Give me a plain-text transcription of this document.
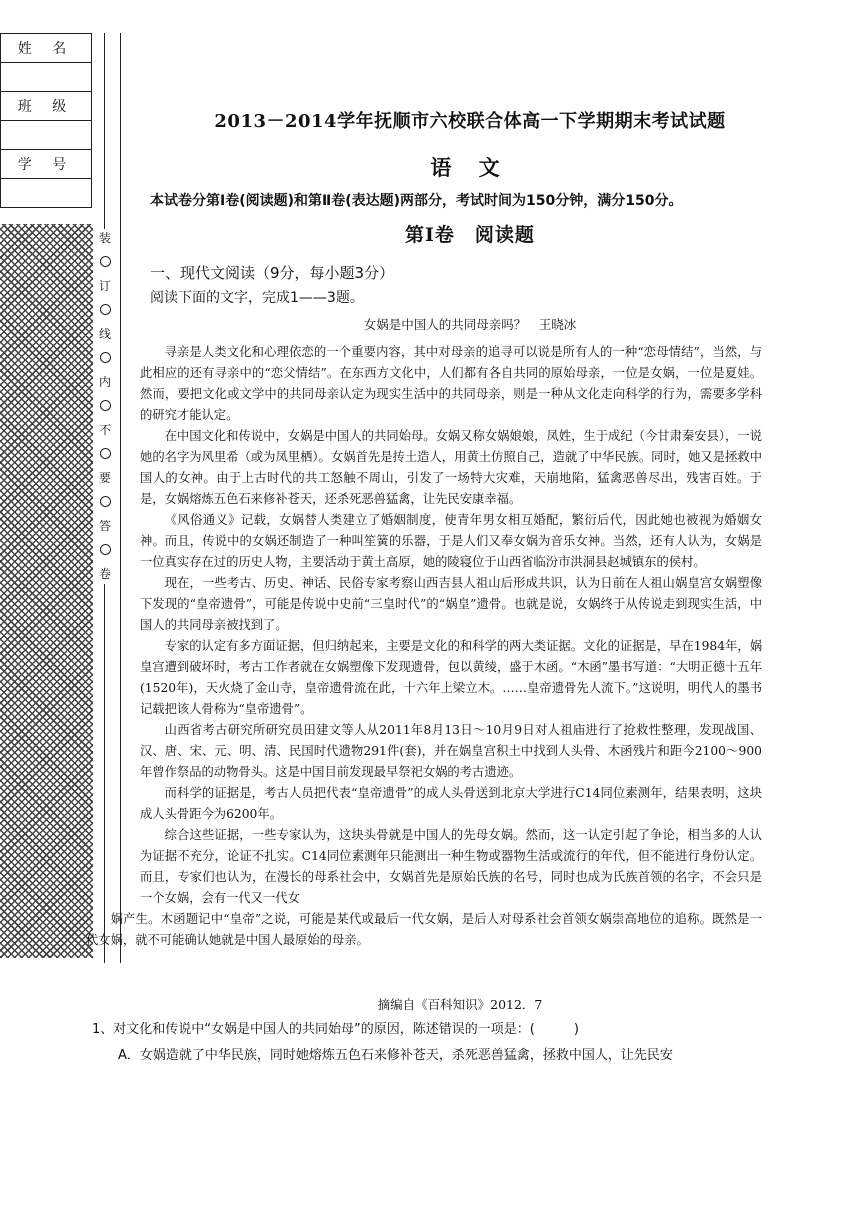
姓 名

班 级

学 号

装
订
线
内
不
要
答
卷
2013－2014学年抚顺市六校联合体高一下学期期末考试试题
语 文
本试卷分第Ⅰ卷(阅读题)和第Ⅱ卷(表达题)两部分，考试时间为150分钟，满分150分。
第Ⅰ卷　阅读题
一、现代文阅读（9分，每小题3分）
阅读下面的文字，完成1——3题。
女娲是中国人的共同母亲吗？　王晓冰

寻亲是人类文化和心理依恋的一个重要内容，其中对母亲的追寻可以说是所有人的一种“恋母情结”，当然，与此相应的还有寻亲中的“恋父情结”。在东西方文化中，人们都有各自共同的原始母亲，一位是女娲，一位是夏娃。然而，要把文化或文学中的共同母亲认定为现实生活中的共同母亲，则是一种从文化走向科学的行为，需要多学科的研究才能认定。

在中国文化和传说中，女娲是中国人的共同始母。女娲又称女娲娘娘，凤姓，生于成纪（今甘肃秦安县），一说她的名字为风里希（或为凤里栖）。女娲首先是抟土造人，用黄土仿照自己，造就了中华民族。同时，她又是拯救中国人的女神。由于上古时代的共工怒触不周山，引发了一场特大灾难，天崩地陷，猛禽恶兽尽出，残害百姓。于是，女娲熔炼五色石来修补苍天，还杀死恶兽猛禽，让先民安康幸福。

《风俗通义》记载，女娲替人类建立了婚姻制度，使青年男女相互婚配，繁衍后代，因此她也被视为婚姻女神。而且，传说中的女娲还制造了一种叫笙簧的乐器，于是人们又奉女娲为音乐女神。当然，还有人认为，女娲是一位真实存在过的历史人物，主要活动于黄土高原，她的陵寝位于山西省临汾市洪洞县赵城镇东的侯村。

现在，一些考古、历史、神话、民俗专家考察山西吉县人祖山后形成共识，认为日前在人祖山娲皇宫女娲塑像下发现的“皇帝遗骨”，可能是传说中史前“三皇时代”的“娲皇”遗骨。也就是说，女娲终于从传说走到现实生活，中国人的共同母亲被找到了。

专家的认定有多方面证据，但归纳起来，主要是文化的和科学的两大类证据。文化的证据是，早在1984年，娲皇宫遭到破坏时，考古工作者就在女娲塑像下发现遗骨，包以黄绫，盛于木函。“木函”墨书写道：“大明正德十五年(1520年)，天火烧了金山寺，皇帝遗骨流在此，十六年上梁立木。……皇帝遗骨先人流下。”这说明，明代人的墨书记载把该人骨称为“皇帝遗骨”。

山西省考古研究所研究员田建文等人从2011年8月13日～10月9日对人祖庙进行了抢救性整理，发现战国、汉、唐、宋、元、明、清、民国时代遗物291件(套)，并在娲皇宫积土中找到人头骨、木函残片和距今2100～900年曾作祭品的动物骨头。这是中国目前发现最早祭祀女娲的考古遗迹。

而科学的证据是，考古人员把代表“皇帝遗骨”的成人头骨送到北京大学进行C14同位素测年，结果表明，这块成人头骨距今为6200年。

综合这些证据，一些专家认为，这块头骨就是中国人的先母女娲。然而，这一认定引起了争论，相当多的人认为证据不充分，论证不扎实。C14同位素测年只能测出一种生物或器物生活或流行的年代，但不能进行身份认定。而且，专家们也认为，在漫长的母系社会中，女娲首先是原始氏族的名号，同时也成为氏族首领的名字，不会只是一个女娲，会有一代又一代女

娲产生。木函题记中“皇帝”之说，可能是某代或最后一代女娲，是后人对母系社会首领女娲崇高地位的追称。既然是一代女娲，就不可能确认她就是中国人最原始的母亲。

摘编自《百科知识》2012．7
1、对文化和传说中“女娲是中国人的共同始母”的原因，陈述错误的一项是：(　　　)
A．女娲造就了中华民族，同时她熔炼五色石来修补苍天，杀死恶兽猛禽，拯救中国人，让先民安
